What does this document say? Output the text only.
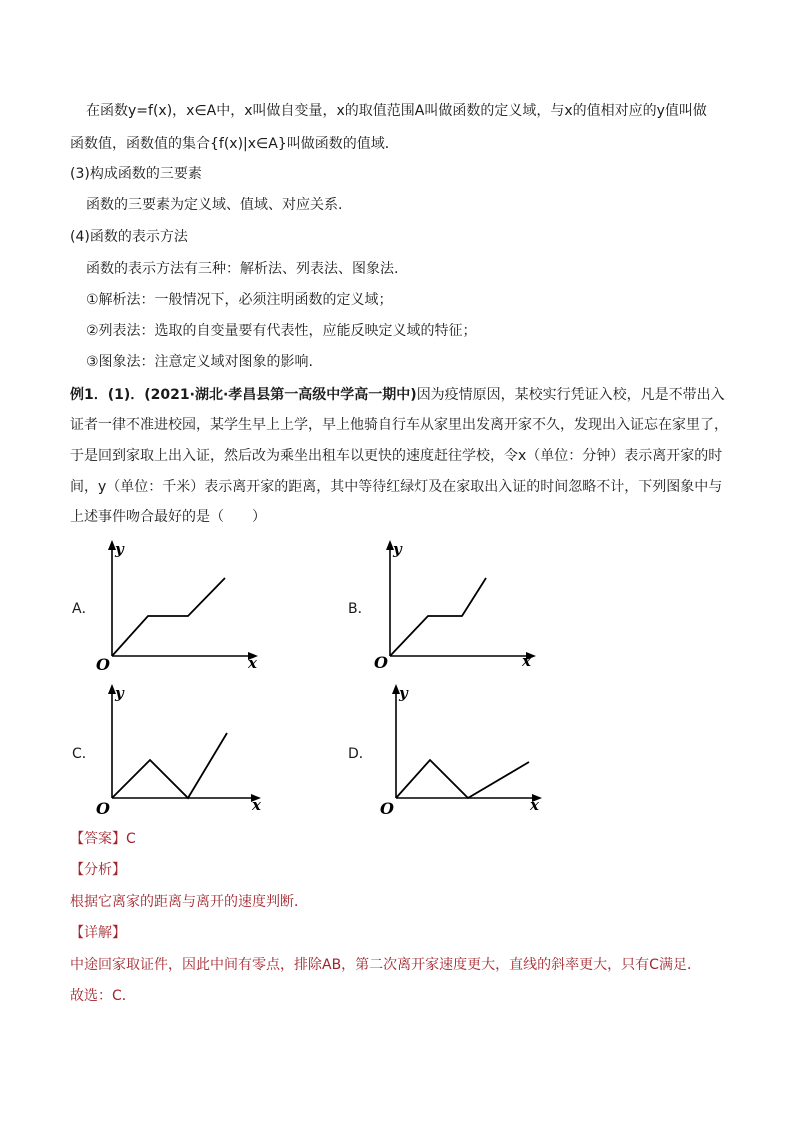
在函数y=f(x)，x∈A中，x叫做自变量，x的取值范围A叫做函数的定义域，与x的值相对应的y值叫做
函数值，函数值的集合{f(x)|x∈A}叫做函数的值域．
(3)构成函数的三要素
函数的三要素为定义域、值域、对应关系.
(4)函数的表示方法
函数的表示方法有三种：解析法、列表法、图象法.
①解析法：一般情况下，必须注明函数的定义域；
②列表法：选取的自变量要有代表性，应能反映定义域的特征；
③图象法：注意定义域对图象的影响.
例1．(1)．(2021·湖北·孝昌县第一高级中学高一期中)因为疫情原因，某校实行凭证入校，凡是不带出入
证者一律不准进校园，某学生早上上学，早上他骑自行车从家里出发离开家不久，发现出入证忘在家里了，
于是回到家取上出入证，然后改为乘坐出租车以更快的速度赶往学校，令x（单位：分钟）表示离开家的时
间，y（单位：千米）表示离开家的距离，其中等待红绿灯及在家取出入证的时间忽略不计，下列图象中与
上述事件吻合最好的是（　　）
A．
y
x
O
B．
y
x
O
C．
y
x
O
D．
y
x
O
【答案】C
【分析】
根据它离家的距离与离开的速度判断．
【详解】
中途回家取证件，因此中间有零点，排除AB，第二次离开家速度更大，直线的斜率更大，只有C满足．
故选：C．
